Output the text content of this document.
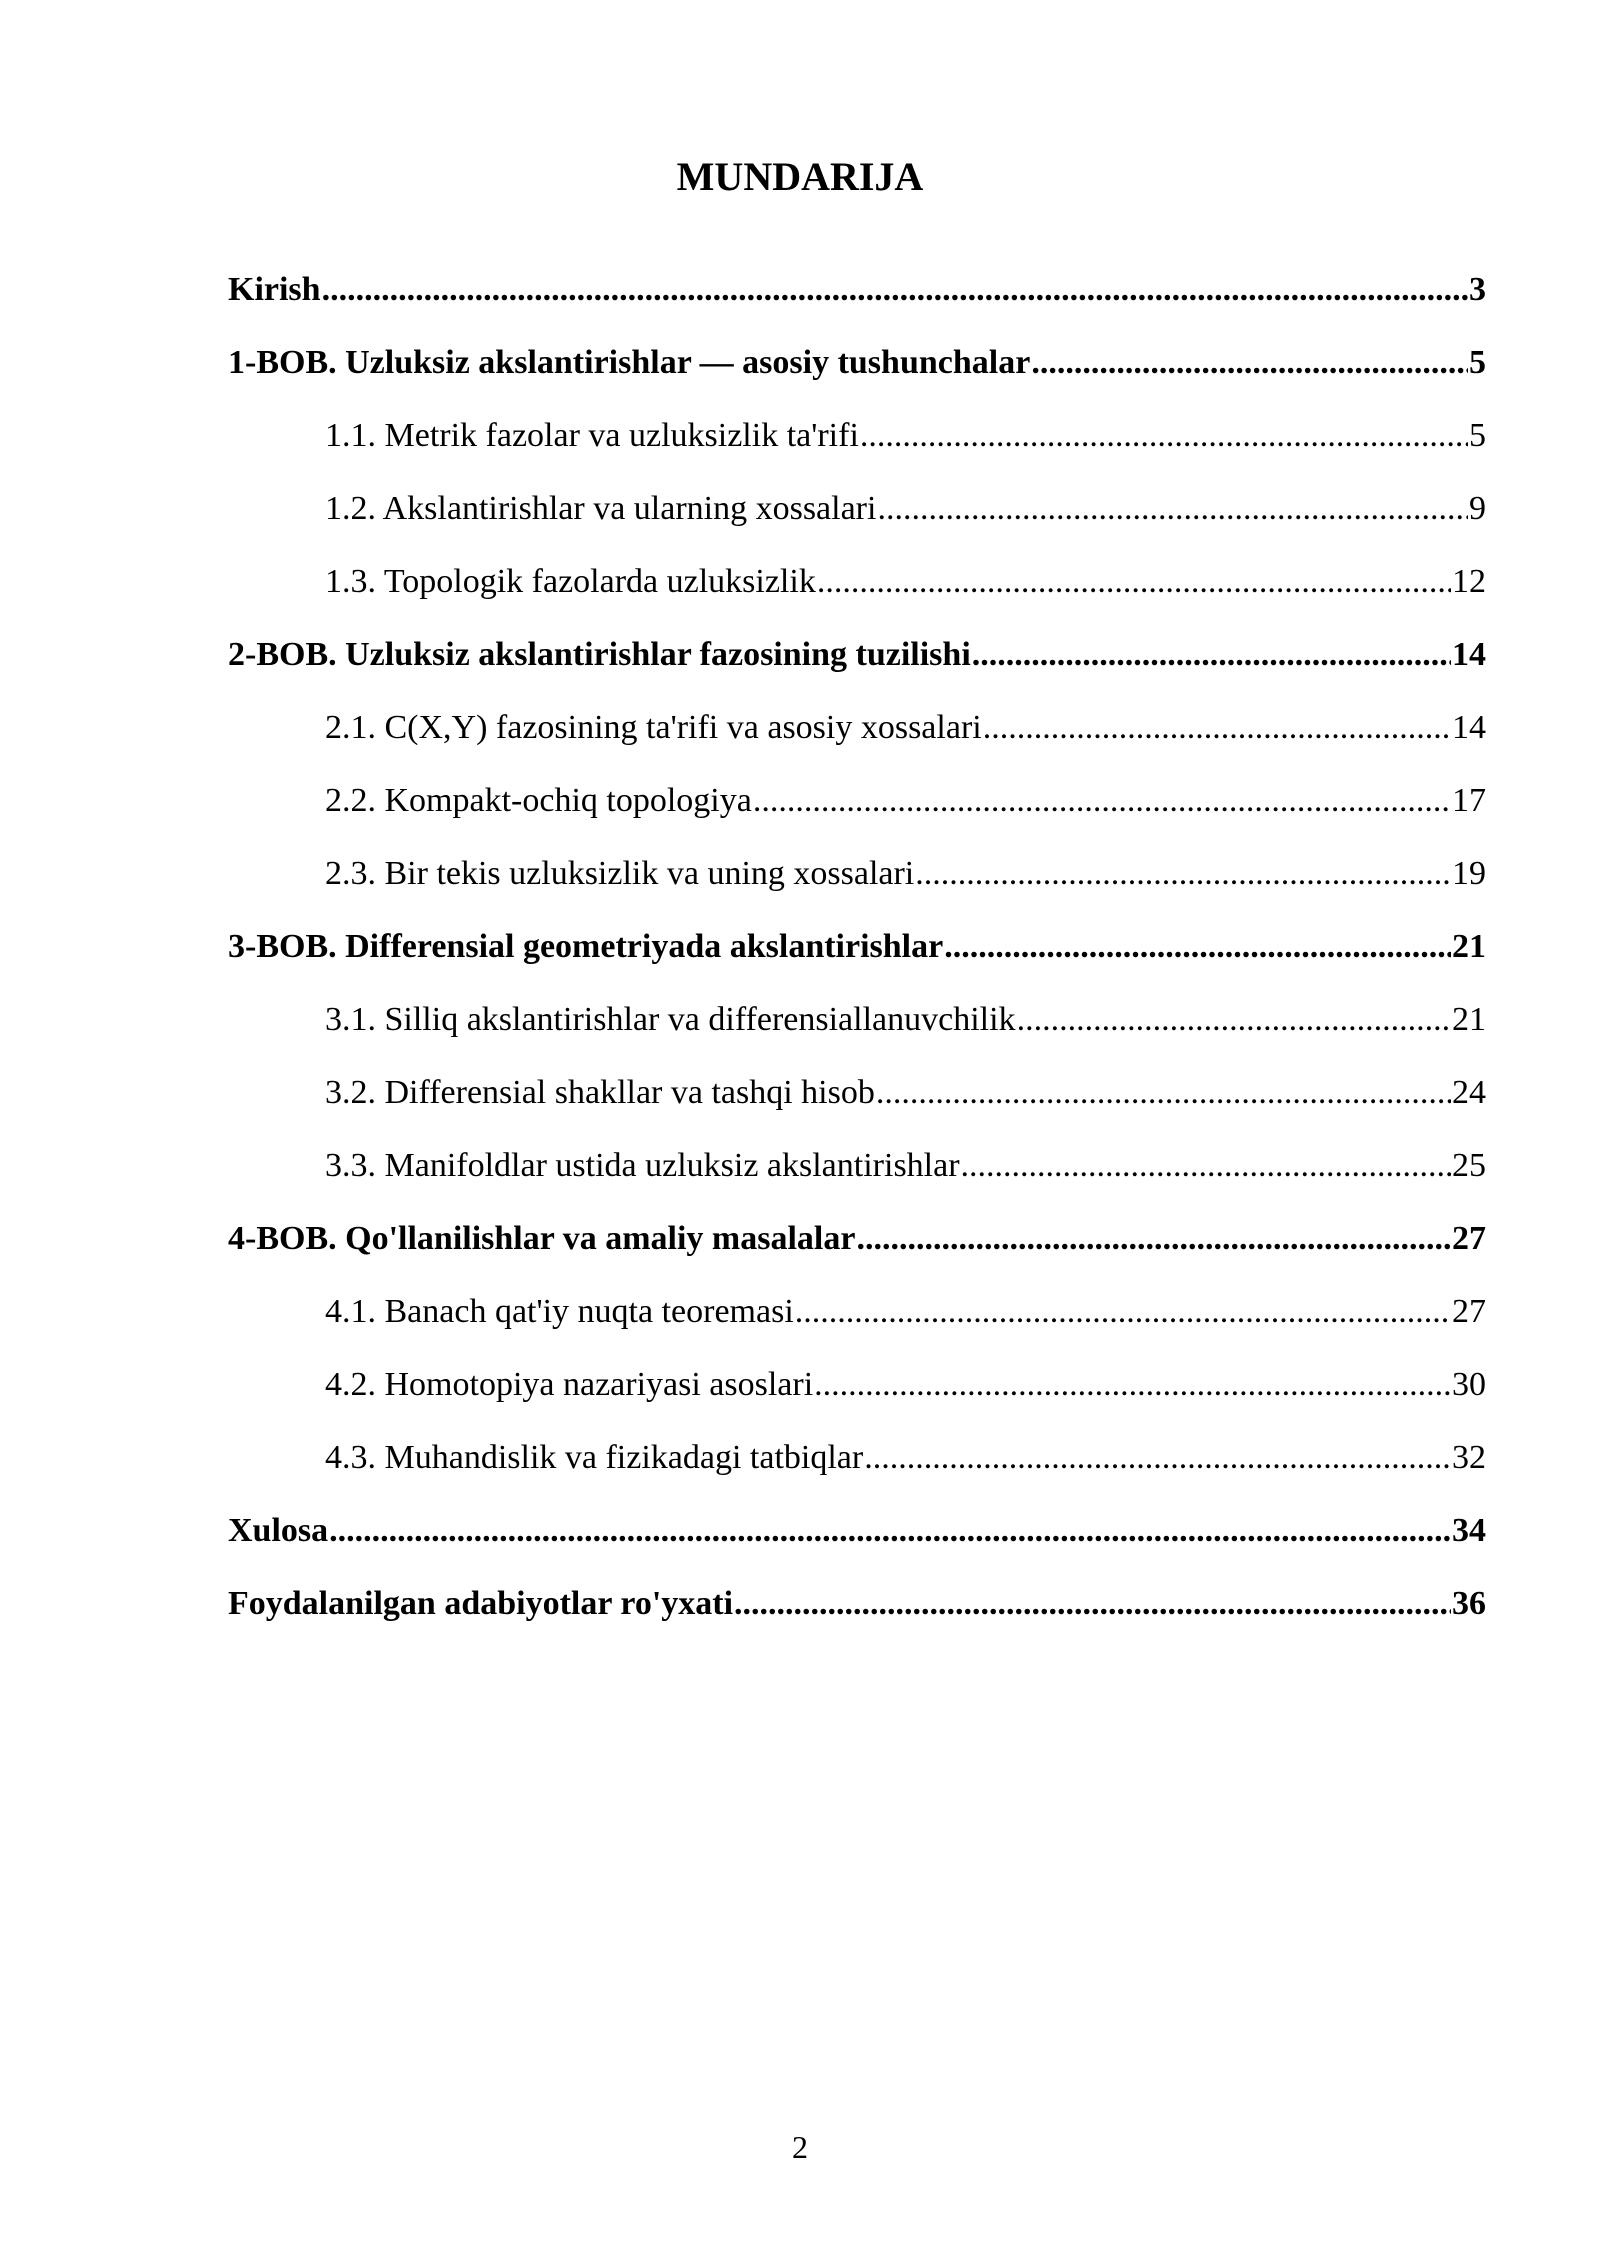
MUNDARIJA
Kirish .....	3
1-BOB. Uzluksiz akslantirishlar — asosiy tushunchalar .....	5
1.1. Metrik fazolar va uzluksizlik ta'rifi .....	5
1.2. Akslantirishlar va ularning xossalari .....	9
1.3. Topologik fazolarda uzluksizlik .....	12
2-BOB. Uzluksiz akslantirishlar fazosining tuzilishi .....	14
2.1. C(X,Y) fazosining ta'rifi va asosiy xossalari .....	14
2.2. Kompakt-ochiq topologiya .....	17
2.3. Bir tekis uzluksizlik va uning xossalari .....	19
3-BOB. Differensial geometriyada akslantirishlar .....	21
3.1. Silliq akslantirishlar va differensiallanuvchilik .....	21
3.2. Differensial shakllar va tashqi hisob .....	24
3.3. Manifoldlar ustida uzluksiz akslantirishlar .....	25
4-BOB. Qo'llanilishlar va amaliy masalalar .....	27
4.1. Banach qat'iy nuqta teoremasi .....	27
4.2. Homotopiya nazariyasi asoslari .....	30
4.3. Muhandislik va fizikadagi tatbiqlar .....	32
Xulosa .....	34
Foydalanilgan adabiyotlar ro'yxati .....	36
2
